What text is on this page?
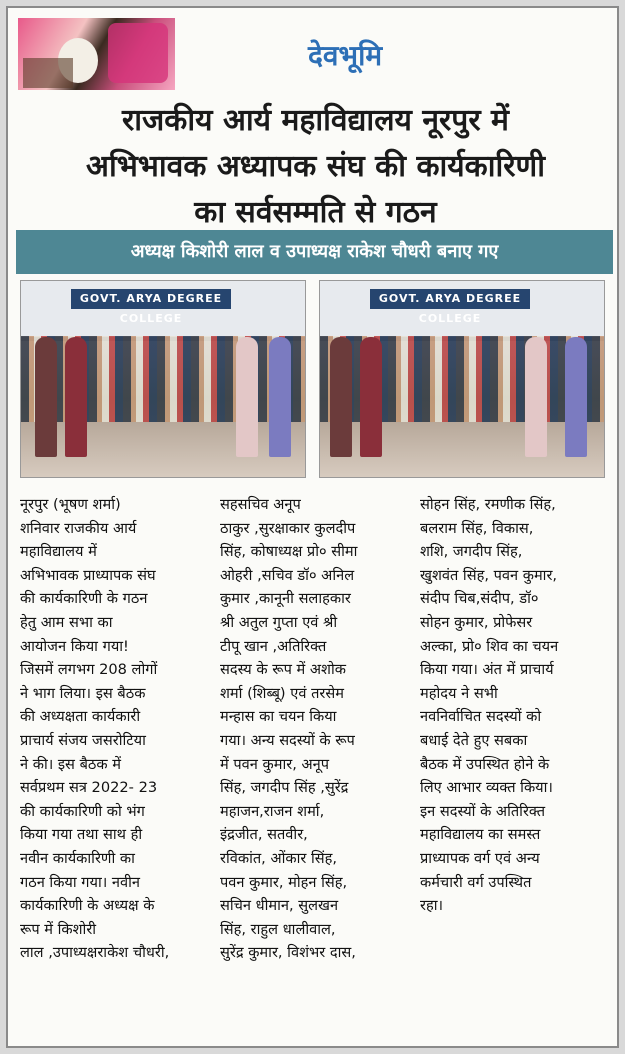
देवभूमि
राजकीय आर्य महाविद्यालय नूरपुर में
अभिभावक अध्यापक संघ की कार्यकारिणी
का सर्वसम्मति से गठन
अध्यक्ष किशोरी लाल व उपाध्यक्ष राकेश चौधरी बनाए गए
GOVT. ARYA DEGREE COLLEGE
GOVT. ARYA DEGREE COLLEGE

नूरपुर (भूषण शर्मा)

शनिवार राजकीय आर्य

महाविद्यालय में

अभिभावक प्राध्यापक संघ

की कार्यकारिणी के गठन

हेतु आम सभा का

आयोजन किया गया!

जिसमें लगभग 208 लोगों

ने भाग लिया। इस बैठक

की अध्यक्षता कार्यकारी

प्राचार्य संजय जसरोटिया

ने की। इस बैठक में

सर्वप्रथम सत्र 2022- 23

की कार्यकारिणी को भंग

किया गया तथा साथ ही

नवीन कार्यकारिणी का

गठन किया गया। नवीन

कार्यकारिणी के अध्यक्ष के

रूप में किशोरी

लाल ,उपाध्यक्षराकेश चौधरी,

सहसचिव अनूप

ठाकुर ,सुरक्षाकार कुलदीप

सिंह, कोषाध्यक्ष प्रो० सीमा

ओहरी ,सचिव डॉ० अनिल

कुमार ,कानूनी सलाहकार

श्री अतुल गुप्ता एवं श्री

टीपू खान ,अतिरिक्त

सदस्य के रूप में अशोक

शर्मा (शिब्बू) एवं तरसेम

मन्हास का चयन किया

गया। अन्य सदस्यों के रूप

में पवन कुमार, अनूप

सिंह, जगदीप सिंह ,सुरेंद्र

महाजन,राजन शर्मा,

इंद्रजीत, सतवीर,

रविकांत, ओंकार सिंह,

पवन कुमार, मोहन सिंह,

सचिन धीमान, सुलखन

सिंह, राहुल धालीवाल,

सुरेंद्र कुमार, विशंभर दास,

सोहन सिंह, रमणीक सिंह,

बलराम सिंह, विकास,

शशि, जगदीप सिंह,

खुशवंत सिंह, पवन कुमार,

संदीप चिब,संदीप, डॉ०

सोहन कुमार, प्रोफेसर

अल्का, प्रो० शिव का चयन

किया गया। अंत में प्राचार्य

महोदय ने सभी

नवनिर्वाचित सदस्यों को

बधाई देते हुए सबका

बैठक में उपस्थित होने के

लिए आभार व्यक्त किया।

इन सदस्यों के अतिरिक्त

महाविद्यालय का समस्त

प्राध्यापक वर्ग एवं अन्य

कर्मचारी वर्ग उपस्थित

रहा।
